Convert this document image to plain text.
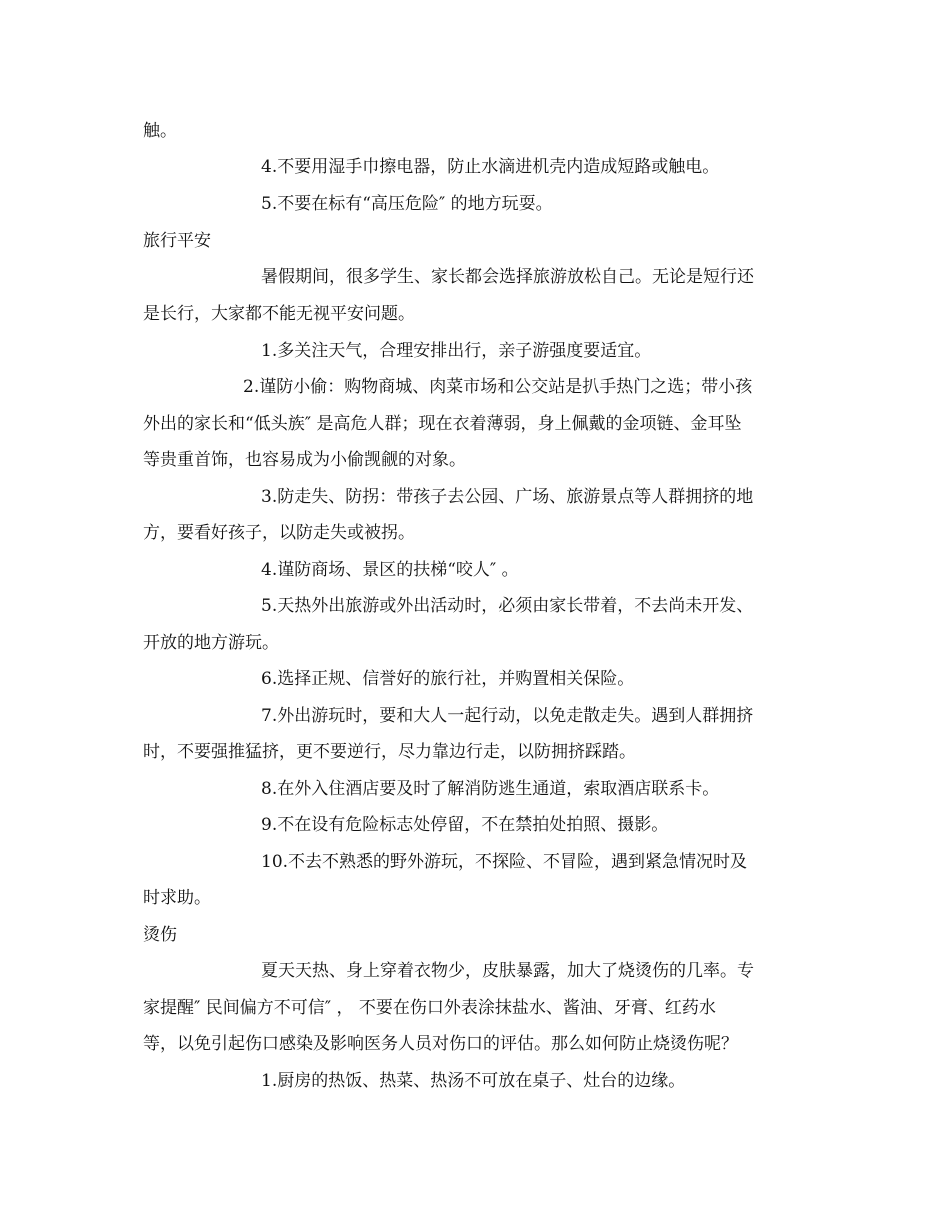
触。
4.不要用湿手巾擦电器，防止水滴进机壳内造成短路或触电。
5.不要在标有“高压危险″ 的地方玩耍。
旅行平安
暑假期间，很多学生、家长都会选择旅游放松自己。无论是短行还
是长行，大家都不能无视平安问题。
1.多关注天气，合理安排出行，亲子游强度要适宜。
2.谨防小偷：购物商城、肉菜市场和公交站是扒手热门之选；带小孩
外出的家长和“低头族″ 是高危人群；现在衣着薄弱，身上佩戴的金项链、金耳坠
等贵重首饰，也容易成为小偷觊觎的对象。
3.防走失、防拐：带孩子去公园、广场、旅游景点等人群拥挤的地
方，要看好孩子，以防走失或被拐。
4.谨防商场、景区的扶梯“咬人″ 。
5.天热外出旅游或外出活动时，必须由家长带着，不去尚未开发、
开放的地方游玩。
6.选择正规、信誉好的旅行社，并购置相关保险。
7.外出游玩时，要和大人一起行动，以免走散走失。遇到人群拥挤
时，不要强推猛挤，更不要逆行，尽力靠边行走，以防拥挤踩踏。
8.在外入住酒店要及时了解消防逃生通道，索取酒店联系卡。
9.不在设有危险标志处停留，不在禁拍处拍照、摄影。
10.不去不熟悉的野外游玩，不探险、不冒险，遇到紧急情况时及
时求助。
烫伤
夏天天热、身上穿着衣物少，皮肤暴露，加大了烧烫伤的几率。专
家提醒″ 民间偏方不可信″ ， 不要在伤口外表涂抹盐水、酱油、牙膏、红药水
等，以免引起伤口感染及影响医务人员对伤口的评估。那么如何防止烧烫伤呢？
1.厨房的热饭、热菜、热汤不可放在桌子、灶台的边缘。
